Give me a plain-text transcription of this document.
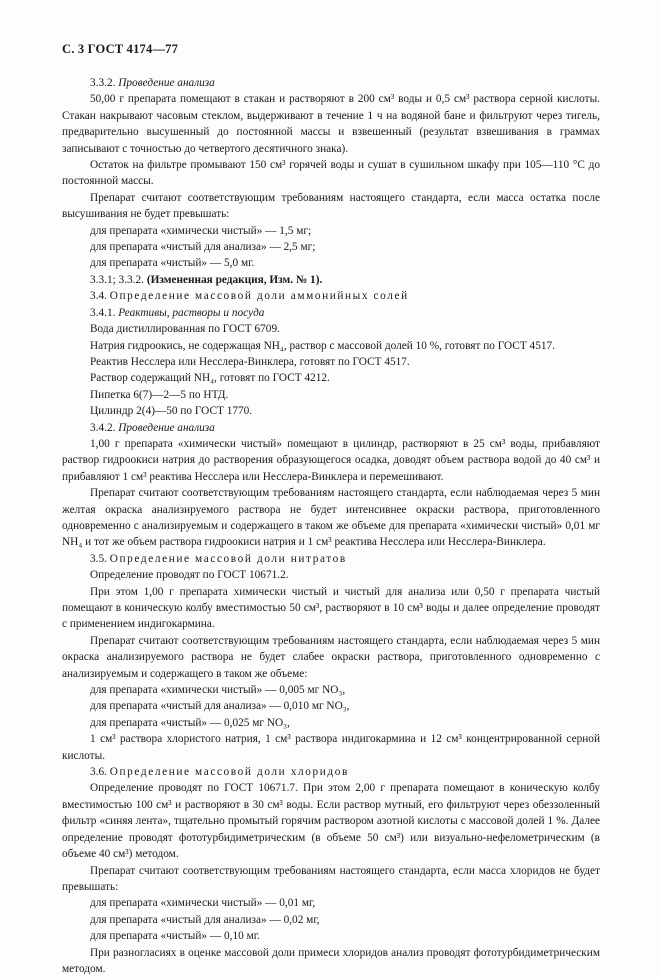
С. 3 ГОСТ 4174—77

3.3.2. Проведение анализа

50,00 г препарата помещают в стакан и растворяют в 200 см³ воды и 0,5 см³ раствора серной кислоты. Стакан накрывают часовым стеклом, выдерживают в течение 1 ч на водяной бане и фильтруют через тигель, предварительно высушенный до постоянной массы и взвешенный (результат взвешивания в граммах записывают с точностью до четвертого десятичного знака).

Остаток на фильтре промывают 150 см³ горячей воды и сушат в сушильном шкафу при 105—110 °С до постоянной массы.

Препарат считают соответствующим требованиям настоящего стандарта, если масса остатка после высушивания не будет превышать:

для препарата «химически чистый» — 1,5 мг;

для препарата «чистый для анализа» — 2,5 мг;

для препарата «чистый» — 5,0 мг.

3.3.1; 3.3.2. (Измененная редакция, Изм. № 1).

3.4. Определение массовой доли аммонийных солей

3.4.1. Реактивы, растворы и посуда

Вода дистиллированная по ГОСТ 6709.

Натрия гидроокись, не содержащая NH₄, раствор с массовой долей 10 %, готовят по ГОСТ 4517.

Реактив Несслера или Несслера-Винклера, готовят по ГОСТ 4517.

Раствор содержащий NH₄, готовят по ГОСТ 4212.

Пипетка 6(7)—2—5 по НТД.

Цилиндр 2(4)—50 по ГОСТ 1770.

3.4.2. Проведение анализа

1,00 г препарата «химически чистый» помещают в цилиндр, растворяют в 25 см³ воды, прибавляют раствор гидроокиси натрия до растворения образующегося осадка, доводят объем раствора водой до 40 см³ и прибавляют 1 см³ реактива Несслера или Несслера-Винклера и перемешивают.

Препарат считают соответствующим требованиям настоящего стандарта, если наблюдаемая через 5 мин желтая окраска анализируемого раствора не будет интенсивнее окраски раствора, приготовленного одновременно с анализируемым и содержащего в таком же объеме для препарата «химически чистый» 0,01 мг NH₄ и тот же объем раствора гидроокиси натрия и 1 см³ реактива Несслера или Несслера-Винклера.

3.5. Определение массовой доли нитратов

Определение проводят по ГОСТ 10671.2.

При этом 1,00 г препарата химически чистый и чистый для анализа или 0,50 г препарата чистый помещают в коническую колбу вместимостью 50 см³, растворяют в 10 см³ воды и далее определение проводят с применением индигокармина.

Препарат считают соответствующим требованиям настоящего стандарта, если наблюдаемая через 5 мин окраска анализируемого раствора не будет слабее окраски раствора, приготовленного одновременно с анализируемым и содержащего в таком же объеме:

для препарата «химически чистый» — 0,005 мг NO₃,

для препарата «чистый для анализа» — 0,010 мг NO₃,

для препарата «чистый» — 0,025 мг NO₃,

1 см³ раствора хлористого натрия, 1 см³ раствора индигокармина и 12 см³ концентрированной серной кислоты.

3.6. Определение массовой доли хлоридов

Определение проводят по ГОСТ 10671.7. При этом 2,00 г препарата помещают в коническую колбу вместимостью 100 см³ и растворяют в 30 см³ воды. Если раствор мутный, его фильтруют через обеззоленный фильтр «синяя лента», тщательно промытый горячим раствором азотной кислоты с массовой долей 1 %. Далее определение проводят фототурбидиметрическим (в объеме 50 см³) или визуально-нефелометрическим (в объеме 40 см³) методом.

Препарат считают соответствующим требованиям настоящего стандарта, если масса хлоридов не будет превышать:

для препарата «химически чистый» — 0,01 мг,

для препарата «чистый для анализа» — 0,02 мг,

для препарата «чистый» — 0,10 мг.

При разногласиях в оценке массовой доли примеси хлоридов анализ проводят фототурбидиметрическим методом.
